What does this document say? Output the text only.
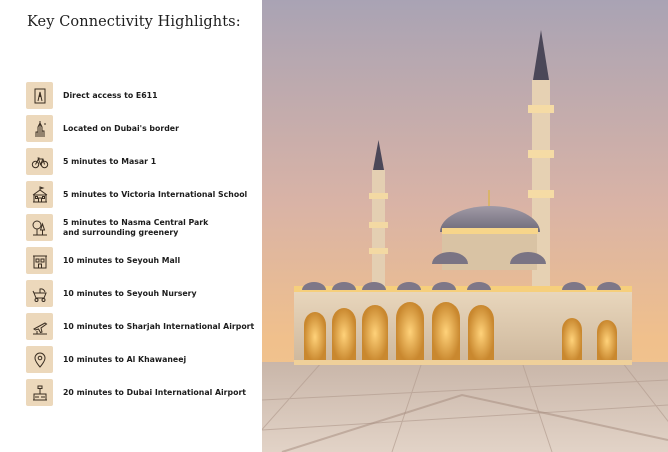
Key Connectivity Highlights:
Direct access to E611
Located on Dubai's border
5 minutes to Masar 1
5 minutes to Victoria International School
5 minutes to Nasma Central Park
and surrounding greenery
10 minutes to Seyouh Mall
10 minutes to Seyouh Nursery
10 minutes to Sharjah International Airport
10 minutes to Al Khawaneej
20 minutes to Dubai International Airport
